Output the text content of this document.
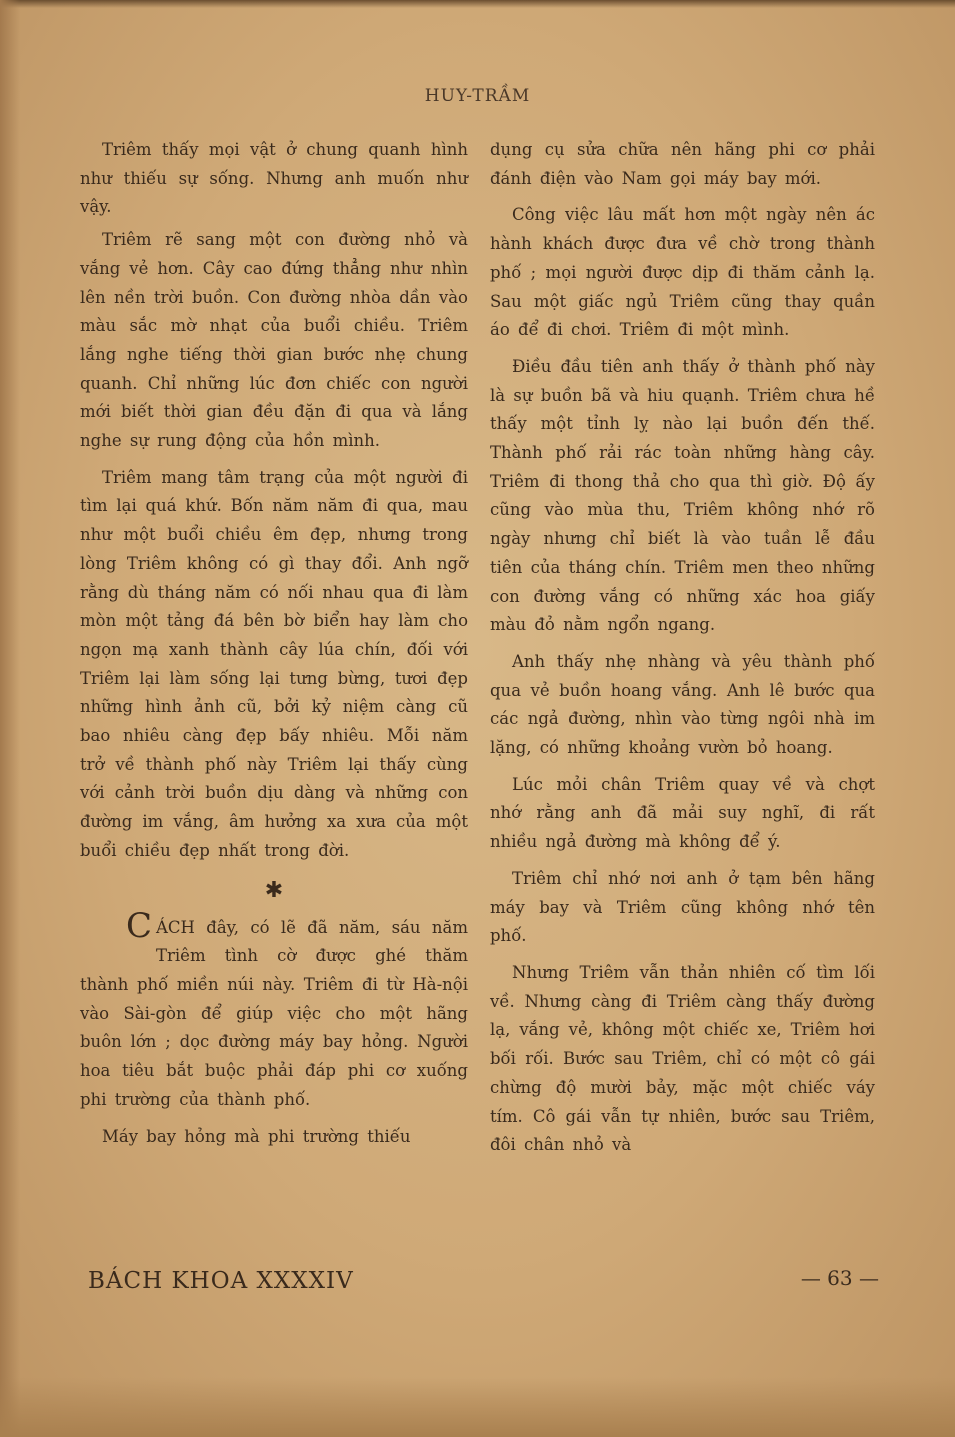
HUY-TRẦM

Triêm thấy mọi vật ở chung quanh hình như thiếu sự sống. Nhưng anh muốn như vậy.

Triêm rẽ sang một con đường nhỏ và vắng vẻ hơn. Cây cao đứng thẳng như nhìn lên nền trời buồn. Con đường nhòa dần vào màu sắc mờ nhạt của buổi chiều. Triêm lắng nghe tiếng thời gian bước nhẹ chung quanh. Chỉ những lúc đơn chiếc con người mới biết thời gian đều đặn đi qua và lắng nghe sự rung động của hồn mình.

Triêm mang tâm trạng của một người đi tìm lại quá khứ. Bốn năm năm đi qua, mau như một buổi chiều êm đẹp, nhưng trong lòng Triêm không có gì thay đổi. Anh ngỡ rằng dù tháng năm có nối nhau qua đi làm mòn một tảng đá bên bờ biển hay làm cho ngọn mạ xanh thành cây lúa chín, đối với Triêm lại làm sống lại tưng bừng, tươi đẹp những hình ảnh cũ, bởi kỷ niệm càng cũ bao nhiêu càng đẹp bấy nhiêu. Mỗi năm trở về thành phố này Triêm lại thấy cùng với cảnh trời buồn dịu dàng và những con đường im vắng, âm hưởng xa xưa của một buổi chiều đẹp nhất trong đời.

✱

CÁCH đây, có lẽ đã năm, sáu năm Triêm tình cờ được ghé thăm thành phố miền núi này. Triêm đi từ Hà-nội vào Sài-gòn để giúp việc cho một hãng buôn lớn ; dọc đường máy bay hỏng. Người hoa tiêu bắt buộc phải đáp phi cơ xuống phi trường của thành phố.

Máy bay hỏng mà phi trường thiếu

dụng cụ sửa chữa nên hãng phi cơ phải đánh điện vào Nam gọi máy bay mới.

Công việc lâu mất hơn một ngày nên ác hành khách được đưa về chờ trong thành phố ; mọi người được dịp đi thăm cảnh lạ. Sau một giấc ngủ Triêm cũng thay quần áo để đi chơi. Triêm đi một mình.

Điều đầu tiên anh thấy ở thành phố này là sự buồn bã và hiu quạnh. Triêm chưa hề thấy một tỉnh lỵ nào lại buồn đến thế. Thành phố rải rác toàn những hàng cây. Triêm đi thong thả cho qua thì giờ. Độ ấy cũng vào mùa thu, Triêm không nhớ rõ ngày nhưng chỉ biết là vào tuần lễ đầu tiên của tháng chín. Triêm men theo những con đường vắng có những xác hoa giấy màu đỏ nằm ngổn ngang.

Anh thấy nhẹ nhàng và yêu thành phố qua vẻ buồn hoang vắng. Anh lê bước qua các ngả đường, nhìn vào từng ngôi nhà im lặng, có những khoảng vườn bỏ hoang.

Lúc mỏi chân Triêm quay về và chợt nhớ rằng anh đã mải suy nghĩ, đi rất nhiều ngả đường mà không để ý.

Triêm chỉ nhớ nơi anh ở tạm bên hãng máy bay và Triêm cũng không nhớ tên phố.

Nhưng Triêm vẫn thản nhiên cố tìm lối về. Nhưng càng đi Triêm càng thấy đường lạ, vắng vẻ, không một chiếc xe, Triêm hơi bối rối. Bước sau Triêm, chỉ có một cô gái chừng độ mười bảy, mặc một chiếc váy tím. Cô gái vẫn tự nhiên, bước sau Triêm, đôi chân nhỏ và

BÁCH KHOA XXXXIV	— 63 —
